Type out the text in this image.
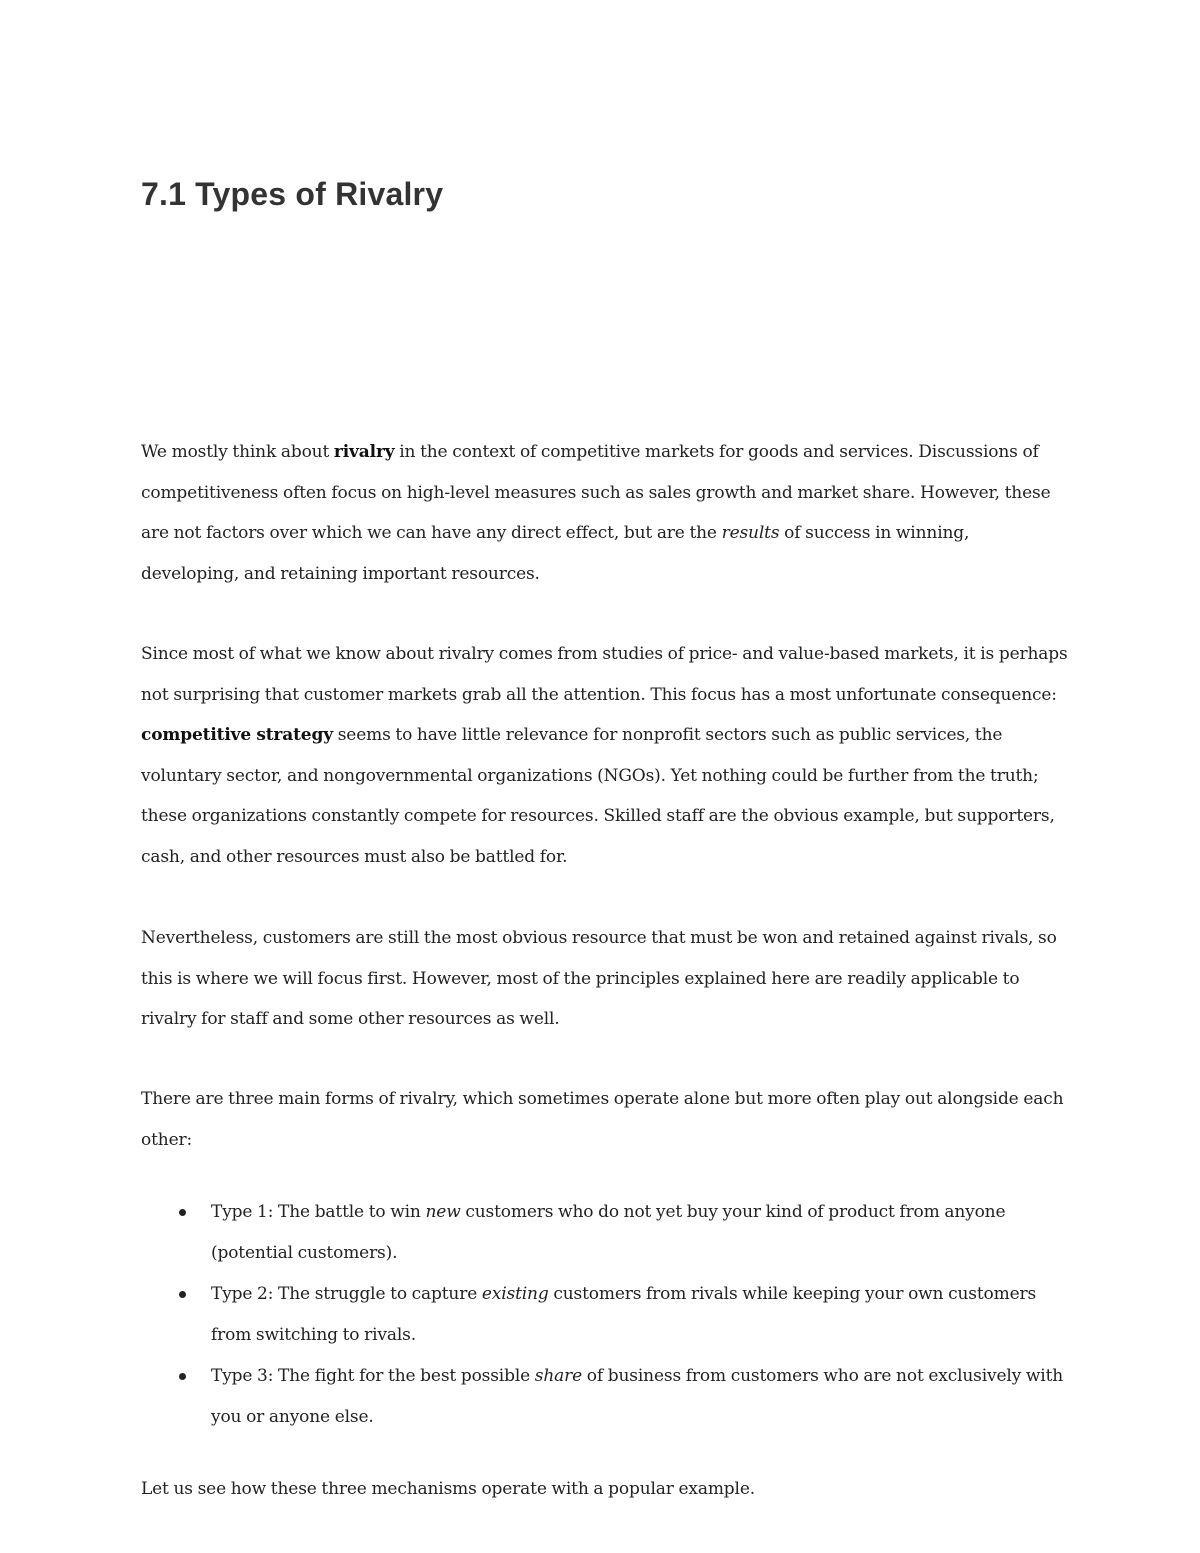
7.1 Types of Rivalry

We mostly think about rivalry in the context of competitive markets for goods and services. Discussions of competitiveness often focus on high-level measures such as sales growth and market share. However, these are not factors over which we can have any direct effect, but are the results of success in winning, developing, and retaining important resources.

Since most of what we know about rivalry comes from studies of price- and value-based markets, it is perhaps not surprising that customer markets grab all the attention. This focus has a most unfortunate consequence: competitive strategy seems to have little relevance for nonprofit sectors such as public services, the voluntary sector, and nongovernmental organizations (NGOs). Yet nothing could be further from the truth; these organizations constantly compete for resources. Skilled staff are the obvious example, but supporters, cash, and other resources must also be battled for.

Nevertheless, customers are still the most obvious resource that must be won and retained against rivals, so this is where we will focus first. However, most of the principles explained here are readily applicable to rivalry for staff and some other resources as well.

There are three main forms of rivalry, which sometimes operate alone but more often play out alongside each other:

Type 1: The battle to win new customers who do not yet buy your kind of product from anyone (potential customers).
Type 2: The struggle to capture existing customers from rivals while keeping your own customers from switching to rivals.
Type 3: The fight for the best possible share of business from customers who are not exclusively with you or anyone else.

Let us see how these three mechanisms operate with a popular example.
